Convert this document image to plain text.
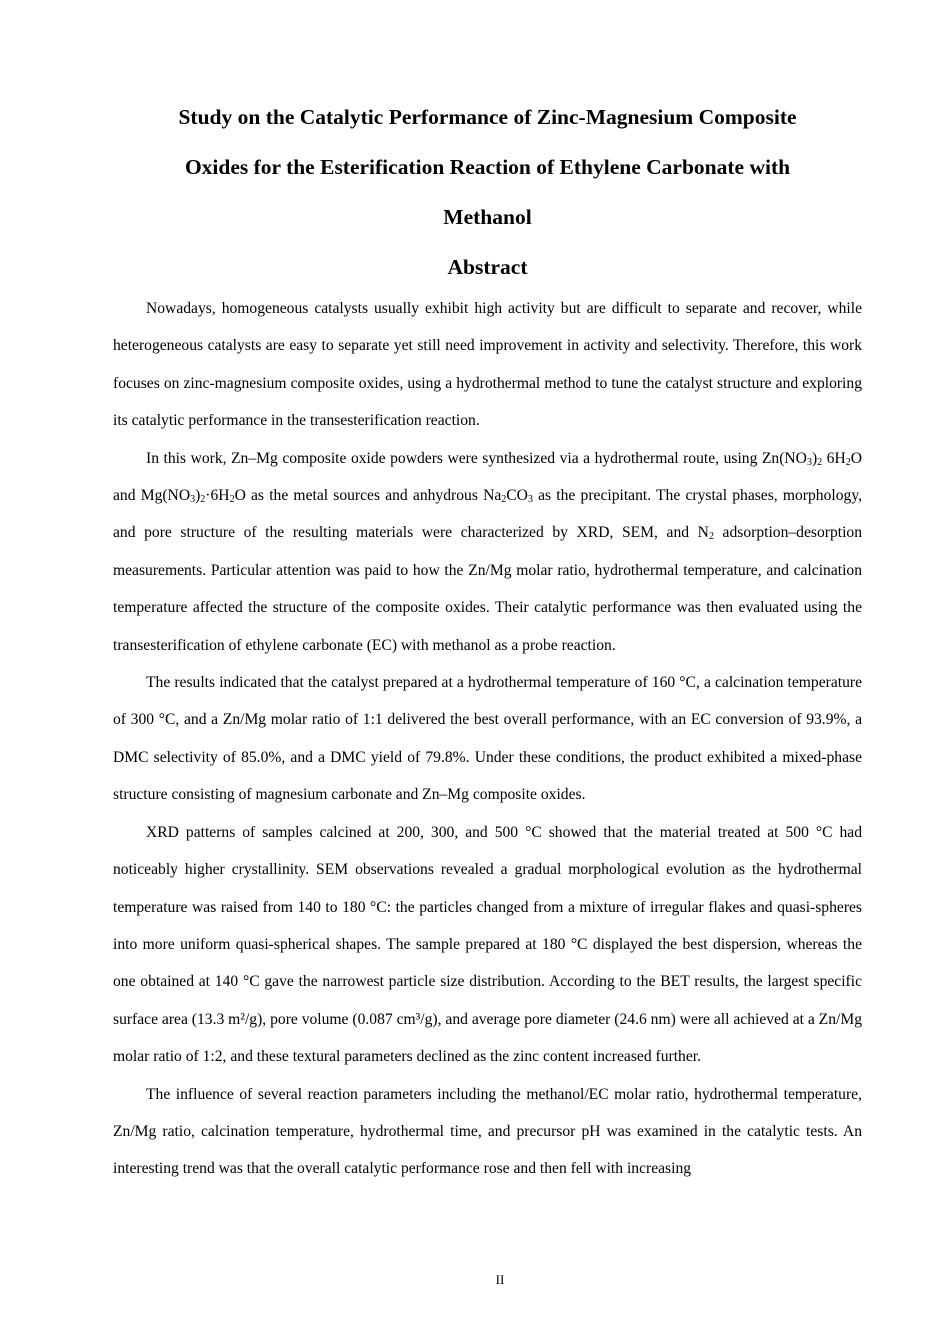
Study on the Catalytic Performance of Zinc-Magnesium Composite
Oxides for the Esterification Reaction of Ethylene Carbonate with
Methanol
Abstract

Nowadays, homogeneous catalysts usually exhibit high activity but are difficult to separate and recover, while heterogeneous catalysts are easy to separate yet still need improvement in activity and selectivity. Therefore, this work focuses on zinc-magnesium composite oxides, using a hydrothermal method to tune the catalyst structure and exploring its catalytic performance in the transesterification reaction.

In this work, Zn–Mg composite oxide powders were synthesized via a hydrothermal route, using $Zn(NO_3)_2$ $6H_2O$ and $Mg(NO_3)_2\cdot 6H_2O$ as the metal sources and anhydrous $Na_2CO_3$ as the precipitant. The crystal phases, morphology, and pore structure of the resulting materials were characterized by XRD, SEM, and $N_2$ adsorption–desorption measurements. Particular attention was paid to how the Zn/Mg molar ratio, hydrothermal temperature, and calcination temperature affected the structure of the composite oxides. Their catalytic performance was then evaluated using the transesterification of ethylene carbonate (EC) with methanol as a probe reaction.

The results indicated that the catalyst prepared at a hydrothermal temperature of 160 °C, a calcination temperature of 300 °C, and a Zn/Mg molar ratio of 1:1 delivered the best overall performance, with an EC conversion of 93.9%, a DMC selectivity of 85.0%, and a DMC yield of 79.8%. Under these conditions, the product exhibited a mixed-phase structure consisting of magnesium carbonate and Zn–Mg composite oxides.

XRD patterns of samples calcined at 200, 300, and 500 °C showed that the material treated at 500 °C had noticeably higher crystallinity. SEM observations revealed a gradual morphological evolution as the hydrothermal temperature was raised from 140 to 180 °C: the particles changed from a mixture of irregular flakes and quasi-spheres into more uniform quasi-spherical shapes. The sample prepared at 180 °C displayed the best dispersion, whereas the one obtained at 140 °C gave the narrowest particle size distribution. According to the BET results, the largest specific surface area (13.3 m²/g), pore volume (0.087 cm³/g), and average pore diameter (24.6 nm) were all achieved at a Zn/Mg molar ratio of 1:2, and these textural parameters declined as the zinc content increased further.

The influence of several reaction parameters including the methanol/EC molar ratio, hydrothermal temperature, Zn/Mg ratio, calcination temperature, hydrothermal time, and precursor pH was examined in the catalytic tests. An interesting trend was that the overall catalytic performance rose and then fell with increasing

II
